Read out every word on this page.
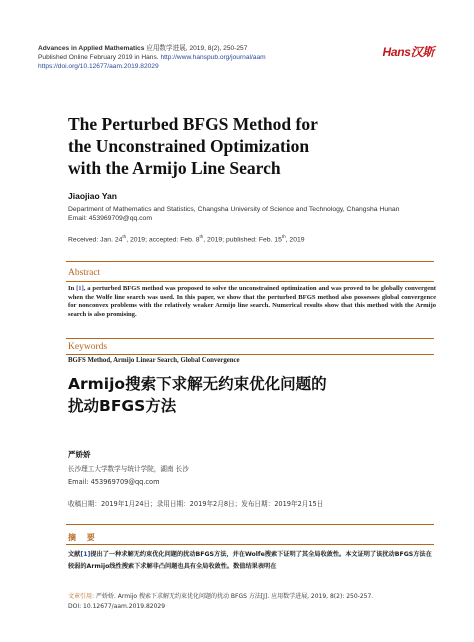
Advances in Applied Mathematics 应用数学进展, 2019, 8(2), 250-257
Published Online February 2019 in Hans. http://www.hanspub.org/journal/aam
https://doi.org/10.12677/aam.2019.82029
Hans汉斯
The Perturbed BFGS Method for
the Unconstrained Optimization
with the Armijo Line Search
Jiaojiao Yan
Department of Mathematics and Statistics, Changsha University of Science and Technology, Changsha Hunan
Email: 453969709@qq.com
Received: Jan. 24th, 2019; accepted: Feb. 8th, 2019; published: Feb. 15th, 2019
Abstract
In [1], a perturbed BFGS method was proposed to solve the unconstrained optimization and was proved to be globally convergent when the Wolfe line search was used. In this paper, we show that the perturbed BFGS method also possesses global convergence for nonconvex problems with the relatively weaker Armijo line search. Numerical results show that this method with the Armijo search is also promising.
Keywords
BGFS Method, Armijo Linear Search, Global Convergence
Armijo搜索下求解无约束优化问题的
扰动BFGS方法
严娇娇
长沙理工大学数学与统计学院，湖南 长沙
Email: 453969709@qq.com
收稿日期：2019年1月24日；录用日期：2019年2月8日；发布日期：2019年2月15日
摘 要
文献[1]提出了一种求解无约束优化问题的扰动BFGS方法，并在Wolfe搜索下证明了其全局收敛性。本文证明了该扰动BFGS方法在较弱的Armijo线性搜索下求解非凸问题也具有全局收敛性。数值结果表明在
文章引用: 严娇娇. Armijo 搜索下求解无约束优化问题的扰动 BFGS 方法[J]. 应用数学进展, 2019, 8(2): 250-257.
DOI: 10.12677/aam.2019.82029
